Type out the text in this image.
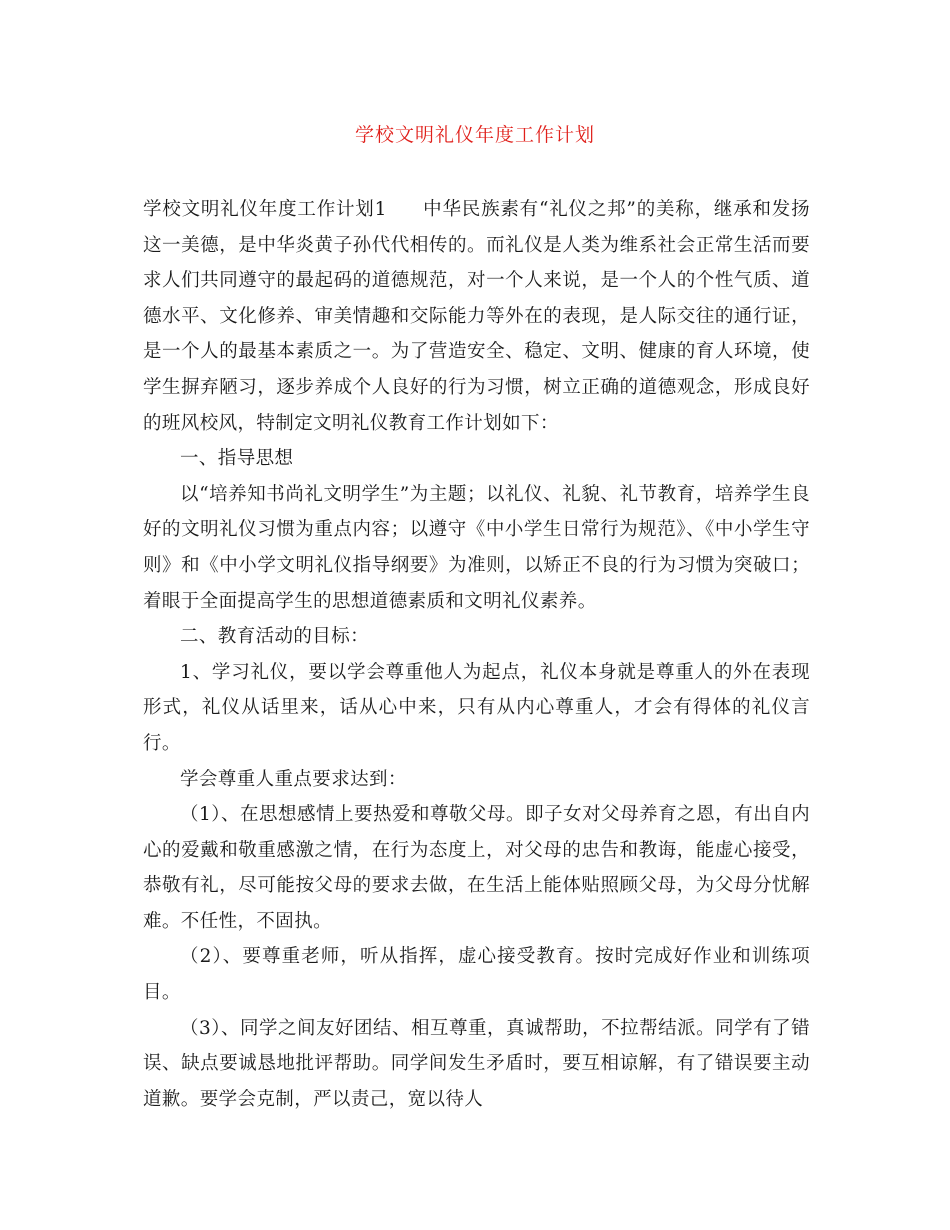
学校文明礼仪年度工作计划

学校文明礼仪年度工作计划1 中华民族素有“礼仪之邦”的美称，继承和发扬这一美德，是中华炎黄子孙代代相传的。而礼仪是人类为维系社会正常生活而要求人们共同遵守的最起码的道德规范，对一个人来说，是一个人的个性气质、道德水平、文化修养、审美情趣和交际能力等外在的表现，是人际交往的通行证，是一个人的最基本素质之一。为了营造安全、稳定、文明、健康的育人环境，使学生摒弃陋习，逐步养成个人良好的行为习惯，树立正确的道德观念，形成良好的班风校风，特制定文明礼仪教育工作计划如下：

一、指导思想

以“培养知书尚礼文明学生”为主题；以礼仪、礼貌、礼节教育，培养学生良好的文明礼仪习惯为重点内容；以遵守《中小学生日常行为规范》、《中小学生守则》和《中小学文明礼仪指导纲要》为准则，以矫正不良的行为习惯为突破口；着眼于全面提高学生的思想道德素质和文明礼仪素养。

二、教育活动的目标：

1、学习礼仪，要以学会尊重他人为起点，礼仪本身就是尊重人的外在表现形式，礼仪从话里来，话从心中来，只有从内心尊重人，才会有得体的礼仪言行。

学会尊重人重点要求达到：

（1）、在思想感情上要热爱和尊敬父母。即子女对父母养育之恩，有出自内心的爱戴和敬重感激之情，在行为态度上，对父母的忠告和教诲，能虚心接受，恭敬有礼，尽可能按父母的要求去做，在生活上能体贴照顾父母，为父母分忧解难。不任性，不固执。

（2）、要尊重老师，听从指挥，虚心接受教育。按时完成好作业和训练项目。

（3）、同学之间友好团结、相互尊重，真诚帮助，不拉帮结派。同学有了错误、缺点要诚恳地批评帮助。同学间发生矛盾时，要互相谅解，有了错误要主动道歉。要学会克制，严以责己，宽以待人
